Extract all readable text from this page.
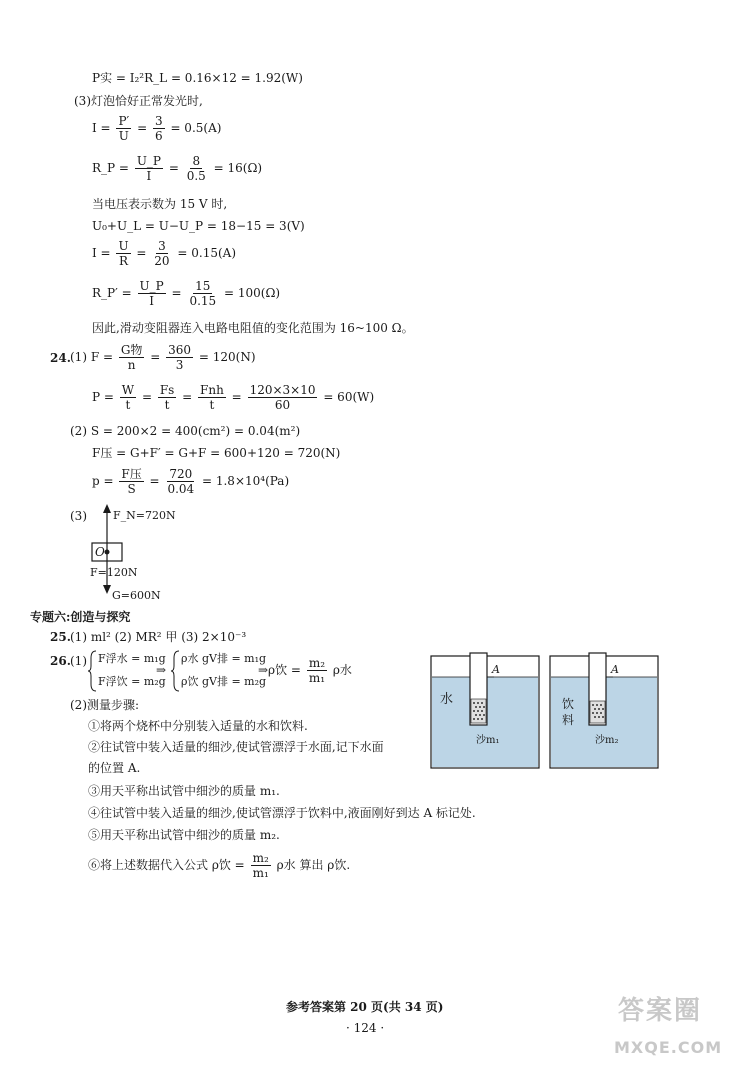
P实 = I₂²R_L = 0.16×12 = 1.92(W)
(3)灯泡恰好正常发光时,
$I = \frac{P'}{U} = \frac{3}{6} = 0.5(A)$
R_P = $\frac{U\_P}{I} = \frac{8}{0.5} = 16(\Omega)$
当电压表示数为 15 V 时,
U₀+U_L = U−U_P = 18−15 = 3(V)
$I = \frac{U}{R} = \frac{3}{20} = 0.15(A)$
R_P′ = $\frac{U\_P}{I} = \frac{15}{0.15} = 100(\Omega)$
因此,滑动变阻器连入电路电阻值的变化范围为 16~100 Ω。
24. (1) $F = \frac{\text{G物}}{n} = \frac{360}{3} = 120(N)$
$P = \frac{W}{t} = \frac{Fs}{t} = \frac{\text{Fnh}}{t} = \frac{120\times 3\times 10}{60} = 60(W)$
(2) S = 200×2 = 400(cm²) = 0.04(m²)
F压 = G+F′ = G+F = 600+120 = 720(N)
$p = \frac{\text{F压}}{S} = \frac{720}{0.04} = 1.8\times 10^4(Pa)$
(3) F_N=720N
O
F=120N
G=600N
专题六:创造与探究
25. (1) ml² (2) MR² 甲 (3) 2×10⁻³
26. (1) F浮水 = m₁g
F浮饮 = m₂g
⇒
ρ水 gV排 = m₁g
ρ饮 gV排 = m₂g
⇒ρ饮 = $\frac{\text{m₂}}{\text{m₁}}$ ρ水
(2)测量步骤:
①将两个烧杯中分别装入适量的水和饮料.
②往试管中装入适量的细沙,使试管漂浮于水面,记下水面
的位置 A.
③用天平称出试管中细沙的质量 m₁.
④往试管中装入适量的细沙,使试管漂浮于饮料中,液面刚好到达 A 标记处.
⑤用天平称出试管中细沙的质量 m₂.
⑥将上述数据代入公式 ρ饮 = $\frac{\text{m₂}}{\text{m₁}}$ ρ水 算出 ρ饮.
水
A
沙m₁
饮
料
A
沙m₂
参考答案第 20 页(共 34 页)
· 124 ·
答案圈
MXQE.COM
